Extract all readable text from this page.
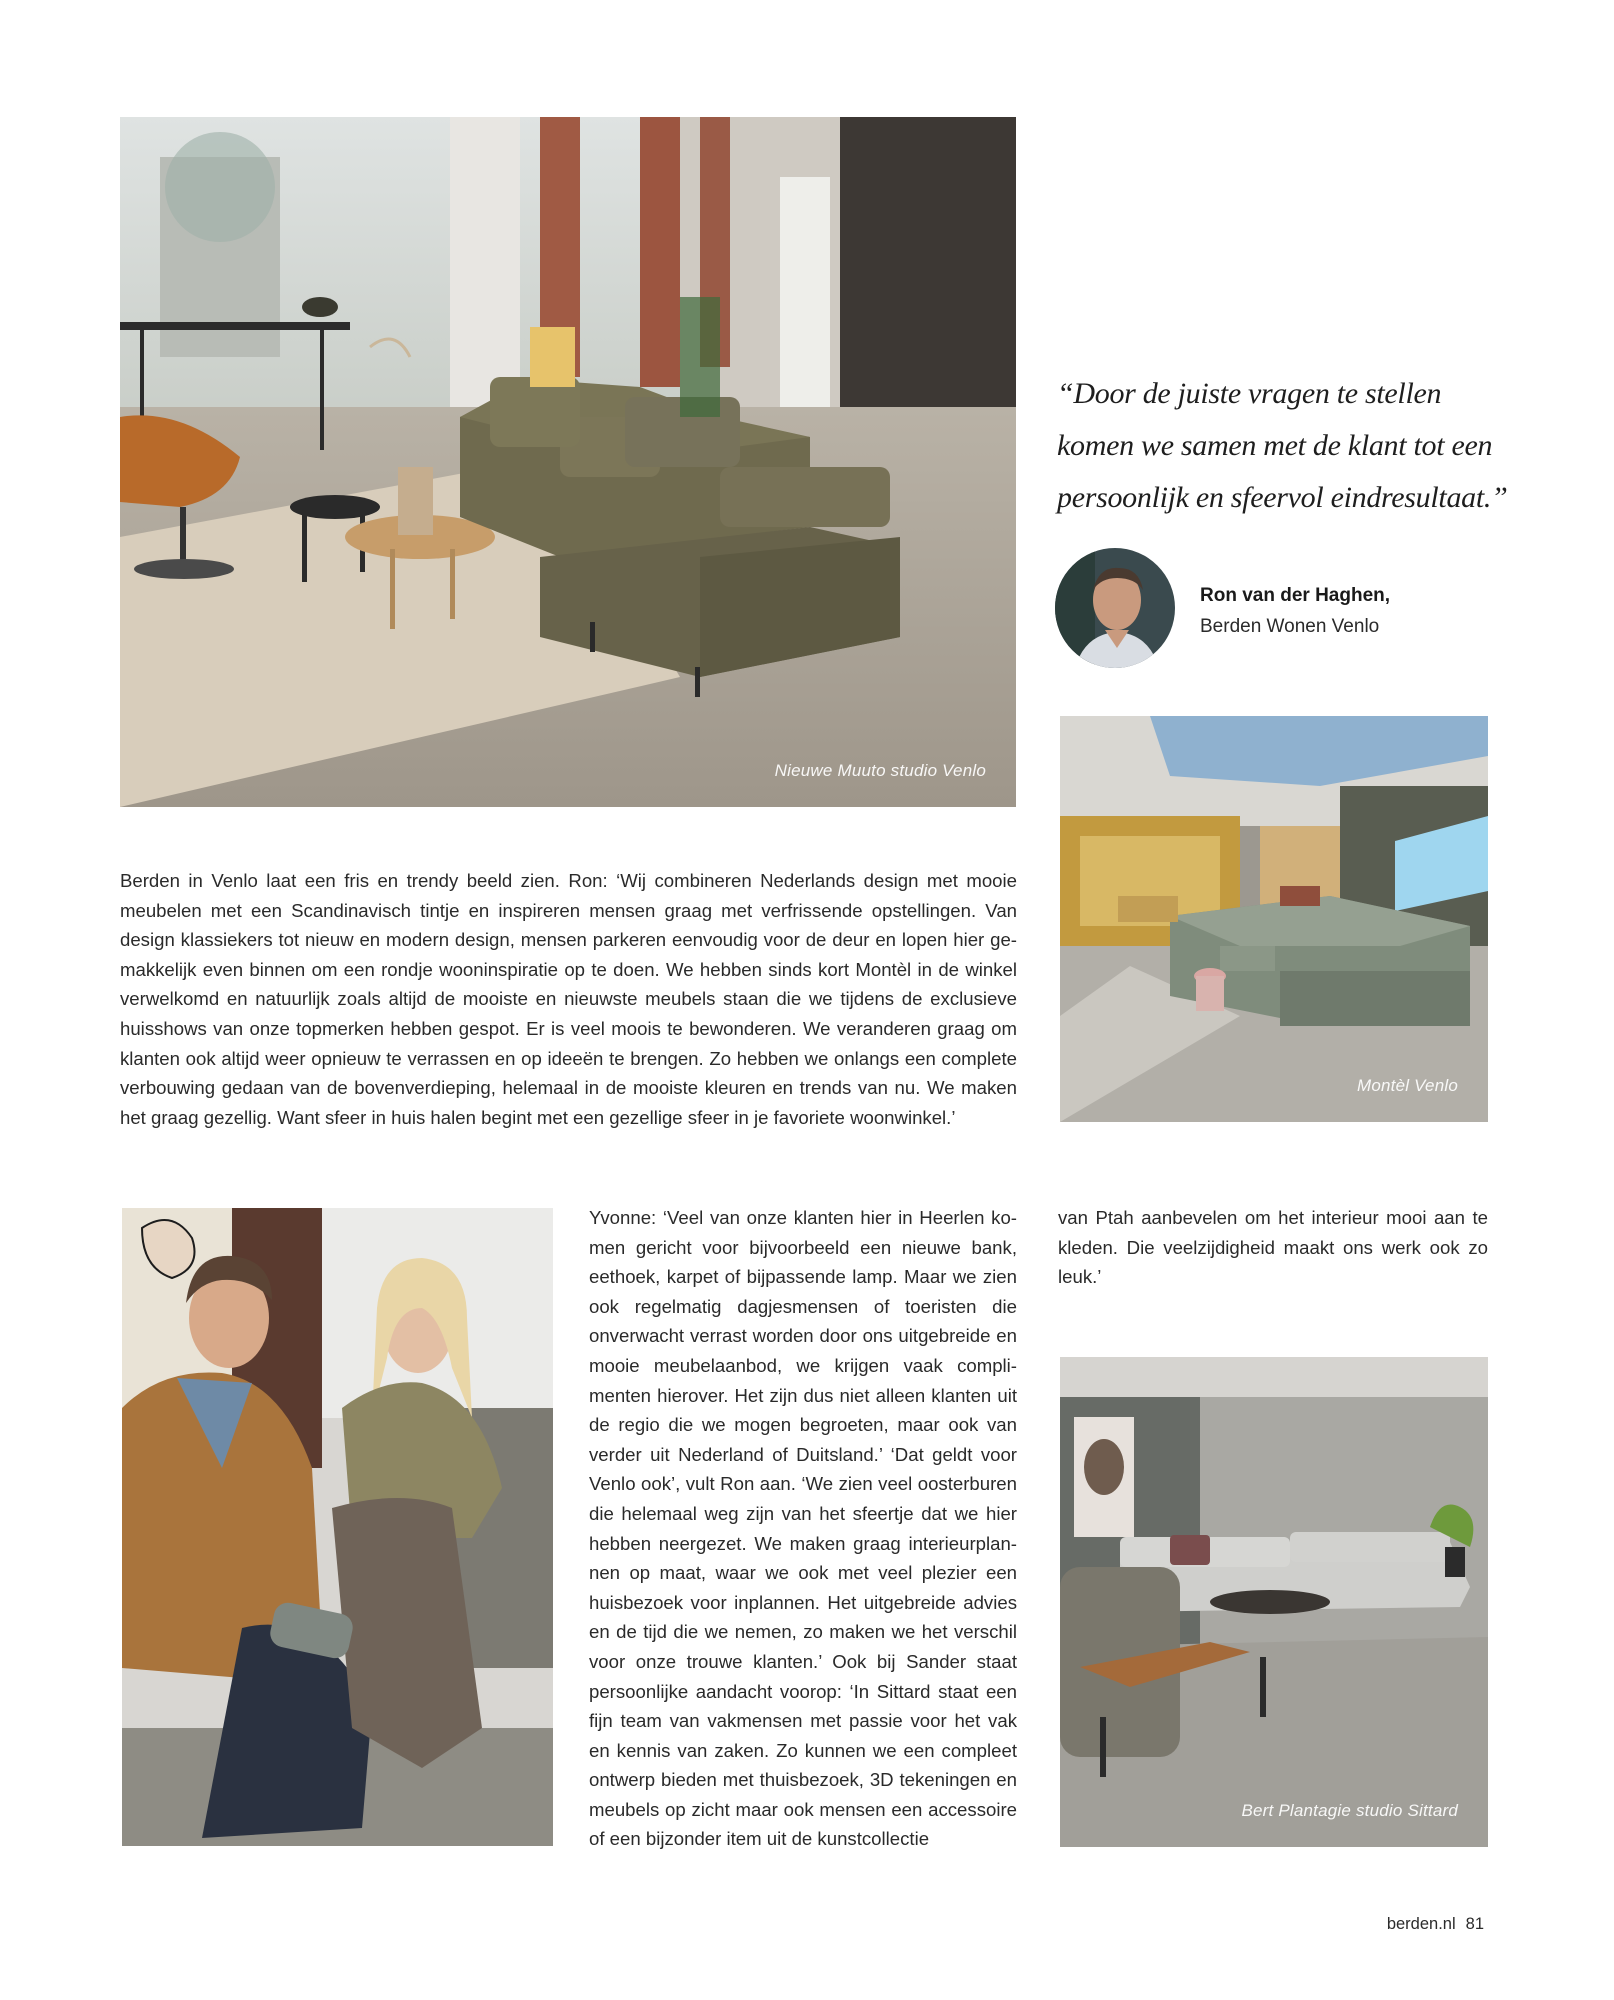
Nieuwe Muuto studio Venlo
“Door de juiste vragen te stellen
komen we samen met de klant tot een
persoonlijk en sfeervol eindresultaat.”
Ron van der Haghen,
Berden Wonen Venlo
Montèl Venlo
Berden in Venlo laat een fris en trendy beeld zien. Ron: ‘Wij combineren Nederlands design met mooie meubelen met een Scandinavisch tintje en inspireren mensen graag met verfrissende opstellingen. Van design klassiekers tot nieuw en modern design, mensen parkeren eenvoudig voor de deur en lopen hier gemakkelijk even binnen om een rondje wooninspiratie op te doen. We hebben sinds kort Montèl in de winkel verwelkomd en natuurlijk zoals altijd de mooiste en nieuwste meubels staan die we tijdens de exclusieve huisshows van onze topmerken hebben gespot. Er is veel moois te bewonderen. We veranderen graag om klanten ook altijd weer opnieuw te verrassen en op ideeën te brengen. Zo hebben we onlangs een complete verbouwing gedaan van de bovenverdieping, helemaal in de mooiste kleuren en trends van nu. We maken het graag gezellig. Want sfeer in huis halen begint met een gezellige sfeer in je favoriete woonwinkel.’
Yvonne: ‘Veel van onze klanten hier in Heerlen komen gericht voor bijvoorbeeld een nieuwe bank, eethoek, karpet of bijpassende lamp. Maar we zien ook regelmatig dagjesmensen of toeristen die onverwacht verrast worden door ons uitgebreide en mooie meubelaanbod, we krijgen vaak complimenten hierover. Het zijn dus niet alleen klanten uit de regio die we mogen begroeten, maar ook van verder uit Nederland of Duitsland.’ ‘Dat geldt voor Venlo ook’, vult Ron aan. ‘We zien veel oosterburen die helemaal weg zijn van het sfeertje dat we hier hebben neergezet. We maken graag interieurplannen op maat, waar we ook met veel plezier een huisbezoek voor inplannen. Het uitgebreide advies en de tijd die we nemen, zo maken we het verschil voor onze trouwe klanten.’ Ook bij Sander staat persoonlijke aandacht voorop: ‘In Sittard staat een fijn team van vakmensen met passie voor het vak en kennis van zaken. Zo kunnen we een compleet ontwerp bieden met thuisbezoek, 3D tekeningen en meubels op zicht maar ook mensen een accessoire of een bijzonder item uit de kunstcollectie
van Ptah aanbevelen om het interieur mooi aan te kleden. Die veelzijdigheid maakt ons werk ook zo leuk.’
Bert Plantagie studio Sittard
berden.nl 81
